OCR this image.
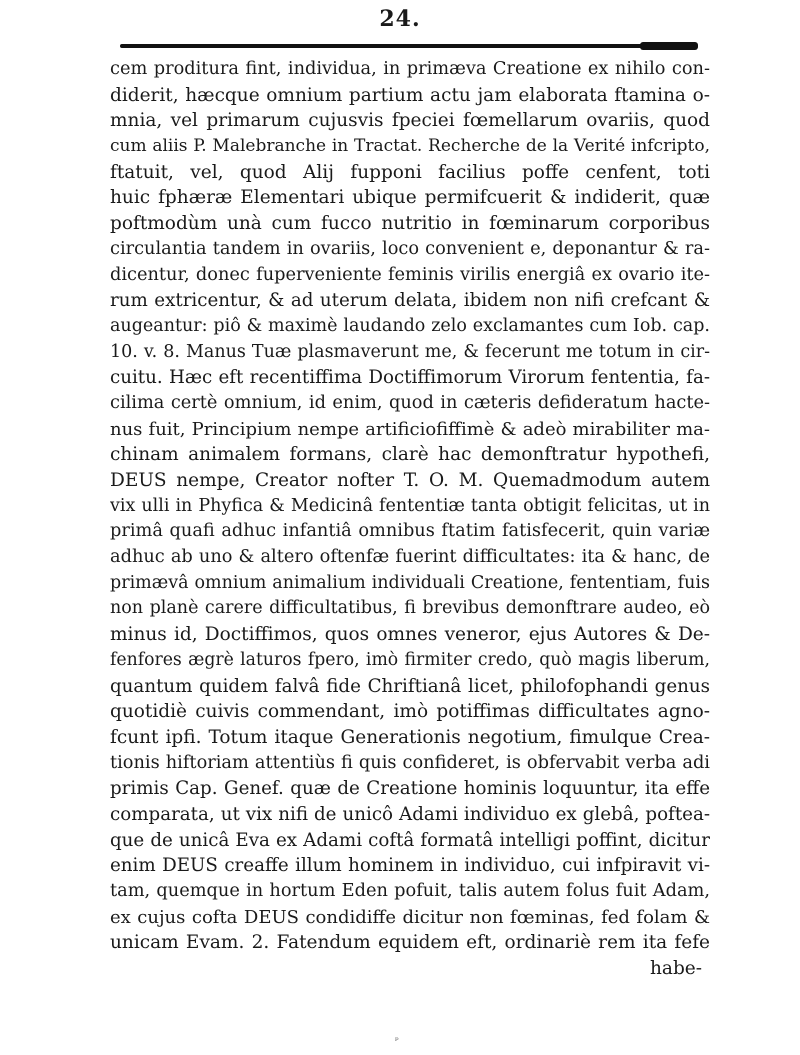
24.
cem proditura fint, individua, in primæva Creatione ex nihilo con-
diderit, hæcque omnium partium actu jam elaborata ftamina o-
mnia, vel primarum cujusvis fpeciei fœmellarum ovariis, quod
cum aliis P. Malebranche in Tractat. Recherche de la Verité infcripto,
ftatuit, vel, quod Alij fupponi facilius poffe cenfent, toti
huic fphæræ Elementari ubique permifcuerit & indiderit, quæ
poftmodùm unà cum fucco nutritio in fœminarum corporibus
circulantia tandem in ovariis, loco convenient e, deponantur & ra-
dicentur, donec fuperveniente feminis virilis energiâ ex ovario ite-
rum extricentur, & ad uterum delata, ibidem non nifi crefcant &
augeantur: piô & maximè laudando zelo exclamantes cum Iob. cap.
10. v. 8. Manus Tuæ plasmaverunt me, & fecerunt me totum in cir-
cuitu. Hæc eft recentiffima Doctiffimorum Virorum fententia, fa-
cilima certè omnium, id enim, quod in cæteris defideratum hacte-
nus fuit, Principium nempe artificiofiffimè & adeò mirabiliter ma-
chinam animalem formans, clarè hac demonftratur hypothefi,
DEUS nempe, Creator nofter T. O. M. Quemadmodum autem
vix ulli in Phyfica & Medicinâ fententiæ tanta obtigit felicitas, ut in
primâ quafi adhuc infantiâ omnibus ftatim fatisfecerit, quin variæ
adhuc ab uno & altero oftenfæ fuerint difficultates: ita & hanc, de
primævâ omnium animalium individuali Creatione, fententiam, fuis
non planè carere difficultatibus, fi brevibus demonftrare audeo, eò
minus id, Doctiffimos, quos omnes veneror, ejus Autores & De-
fenfores ægrè laturos fpero, imò firmiter credo, quò magis liberum,
quantum quidem falvâ fide Chriftianâ licet, philofophandi genus
quotidiè cuivis commendant, imò potiffimas difficultates agno-
fcunt ipfi. Totum itaque Generationis negotium, fimulque Crea-
tionis hiftoriam attentiùs fi quis confideret, is obfervabit verba adi
primis Cap. Genef. quæ de Creatione hominis loquuntur, ita effe
comparata, ut vix nifi de unicô Adami individuo ex glebâ, poftea-
que de unicâ Eva ex Adami coftâ formatâ intelligi poffint, dicitur
enim DEUS creaffe illum hominem in individuo, cui infpiravit vi-
tam, quemque in hortum Eden pofuit, talis autem folus fuit Adam,
ex cujus cofta DEUS condidiffe dicitur non fœminas, fed folam &
unicam Evam. 2. Fatendum equidem eft, ordinariè rem ita fefe
habe-
ᵖ
